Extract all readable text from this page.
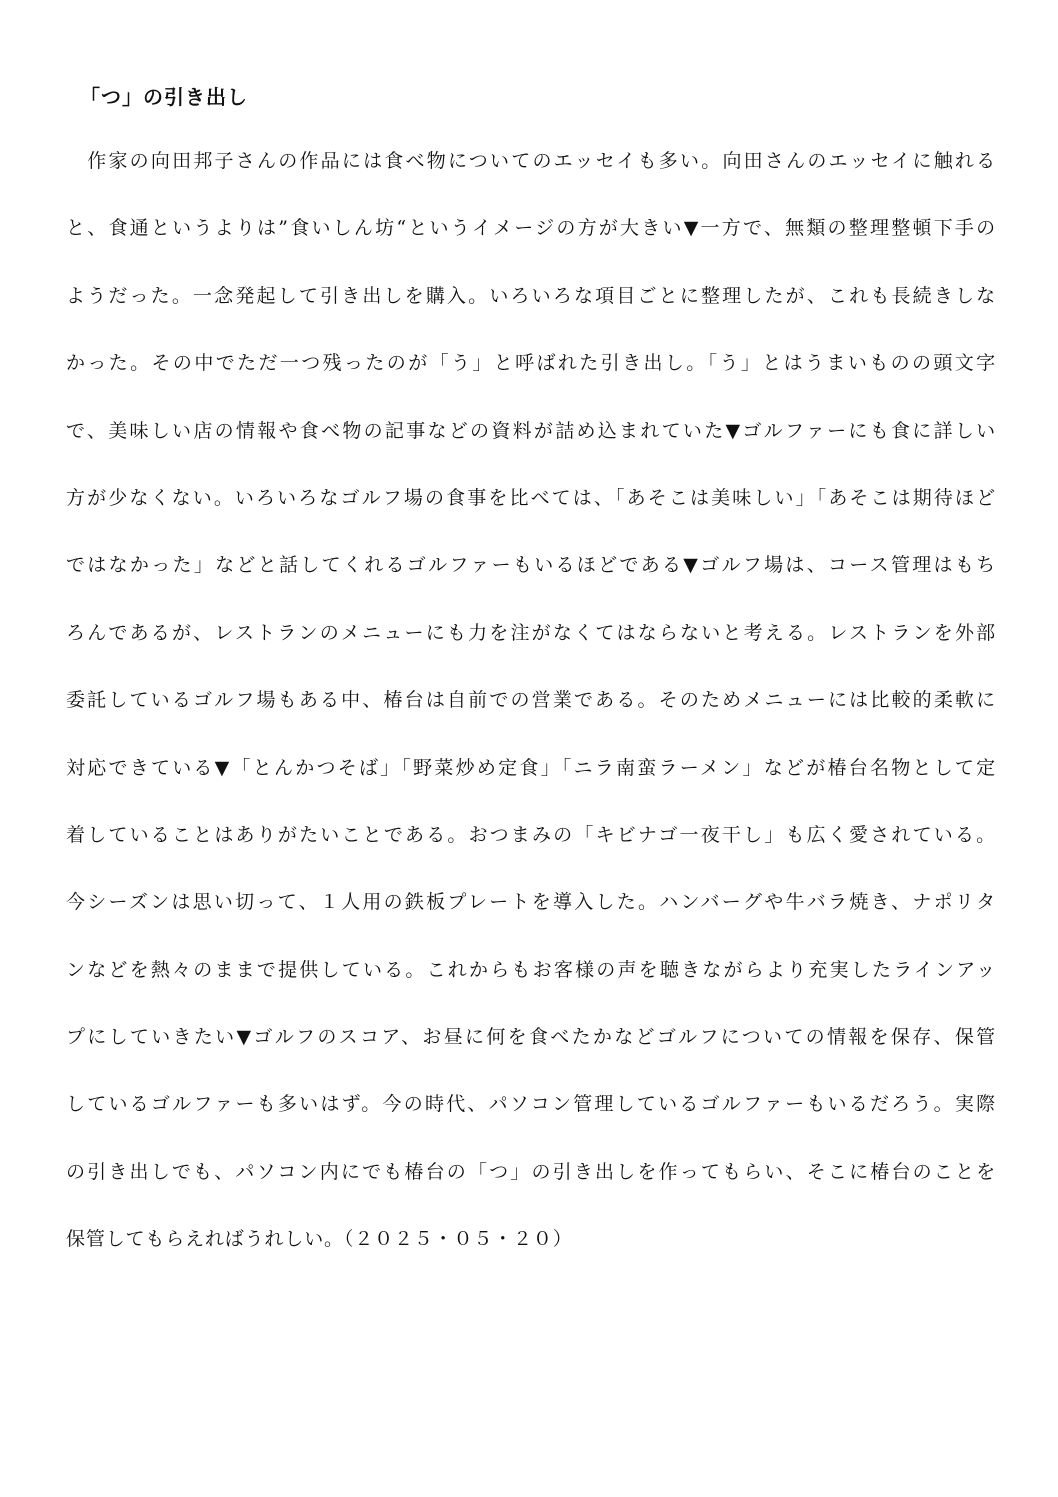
「つ」の引き出し
　作家の向田邦子さんの作品には食べ物についてのエッセイも多い。向田さんのエッセイに触れる
と、食通というよりは”食いしん坊“というイメージの方が大きい▼一方で、無類の整理整頓下手の
ようだった。一念発起して引き出しを購入。いろいろな項目ごとに整理したが、これも長続きしな
かった。その中でただ一つ残ったのが「う」と呼ばれた引き出し。「う」とはうまいものの頭文字
で、美味しい店の情報や食べ物の記事などの資料が詰め込まれていた▼ゴルファーにも食に詳しい
方が少なくない。いろいろなゴルフ場の食事を比べては、「あそこは美味しい」「あそこは期待ほど
ではなかった」などと話してくれるゴルファーもいるほどである▼ゴルフ場は、コース管理はもち
ろんであるが、レストランのメニューにも力を注がなくてはならないと考える。レストランを外部
委託しているゴルフ場もある中、椿台は自前での営業である。そのためメニューには比較的柔軟に
対応できている▼「とんかつそば」「野菜炒め定食」「ニラ南蛮ラーメン」などが椿台名物として定
着していることはありがたいことである。おつまみの「キビナゴ一夜干し」も広く愛されている。
今シーズンは思い切って、１人用の鉄板プレートを導入した。ハンバーグや牛バラ焼き、ナポリタ
ンなどを熱々のままで提供している。これからもお客様の声を聴きながらより充実したラインアッ
プにしていきたい▼ゴルフのスコア、お昼に何を食べたかなどゴルフについての情報を保存、保管
しているゴルファーも多いはず。今の時代、パソコン管理しているゴルファーもいるだろう。実際
の引き出しでも、パソコン内にでも椿台の「つ」の引き出しを作ってもらい、そこに椿台のことを
保管してもらえればうれしい。（２０２５・０５・２０）
